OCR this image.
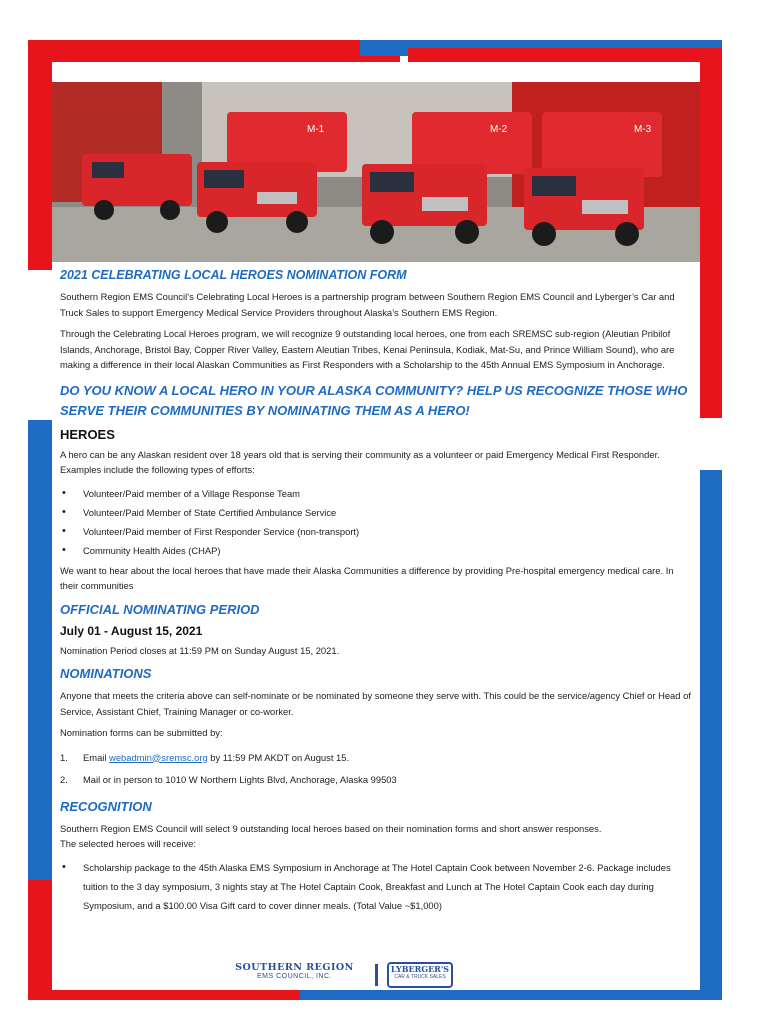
M-1	M-2	M-3
2021 CELEBRATING LOCAL HEROES NOMINATION FORM

Southern Region EMS Council’s Celebrating Local Heroes is a partnership program between Southern Region EMS Council and Lyberger’s Car and Truck Sales to support Emergency Medical Service Providers throughout Alaska’s Southern EMS Region.

Through the Celebrating Local Heroes program, we will recognize 9 outstanding local heroes, one from each SREMSC sub-region (Aleutian Pribilof Islands, Anchorage, Bristol Bay, Copper River Valley, Eastern Aleutian Tribes, Kenai Peninsula, Kodiak, Mat-Su, and Prince William Sound), who are making a difference in their local Alaskan Communities as First Responders with a Scholarship to the 45th Annual EMS Symposium in Anchorage.

DO YOU KNOW A LOCAL HERO IN YOUR ALASKA COMMUNITY? HELP US RECOGNIZE THOSE WHO SERVE THEIR COMMUNITIES BY NOMINATING THEM AS A HERO!
HEROES

A hero can be any Alaskan resident over 18 years old that is serving their community as a volunteer or paid Emergency Medical First Responder. Examples include the following types of efforts:

• Volunteer/Paid member of a Village Response Team
• Volunteer/Paid Member of State Certified Ambulance Service
• Volunteer/Paid member of First Responder Service (non-transport)
• Community Health Aides (CHAP)

We want to hear about the local heroes that have made their Alaska Communities a difference by providing Pre-hospital emergency medical care. In their communities

OFFICIAL NOMINATING PERIOD
July 01 - August 15, 2021

Nomination Period closes at 11:59 PM on Sunday August 15, 2021.

NOMINATIONS

Anyone that meets the criteria above can self-nominate or be nominated by someone they serve with. This could be the service/agency Chief or Head of Service, Assistant Chief, Training Manager or co-worker.

Nomination forms can be submitted by:

1. Email webadmin@sremsc.org by 11:59 PM AKDT on August 15.
2. Mail or in person to 1010 W Northern Lights Blvd, Anchorage, Alaska 99503
RECOGNITION

Southern Region EMS Council will select 9 outstanding local heroes based on their nomination forms and short answer responses.

The selected heroes will receive:

• Scholarship package to the 45th Alaska EMS Symposium in Anchorage at The Hotel Captain Cook between November 2-6. Package includes tuition to the 3 day symposium, 3 nights stay at The Hotel Captain Cook, Breakfast and Lunch at The Hotel Captain Cook each day during Symposium, and a $100.00 Visa Gift card to cover dinner meals. (Total Value ~$1,000)
SOUTHERN REGION
EMS COUNCIL, INC.
LYBERGER'S
CAR & TRUCK SALES
